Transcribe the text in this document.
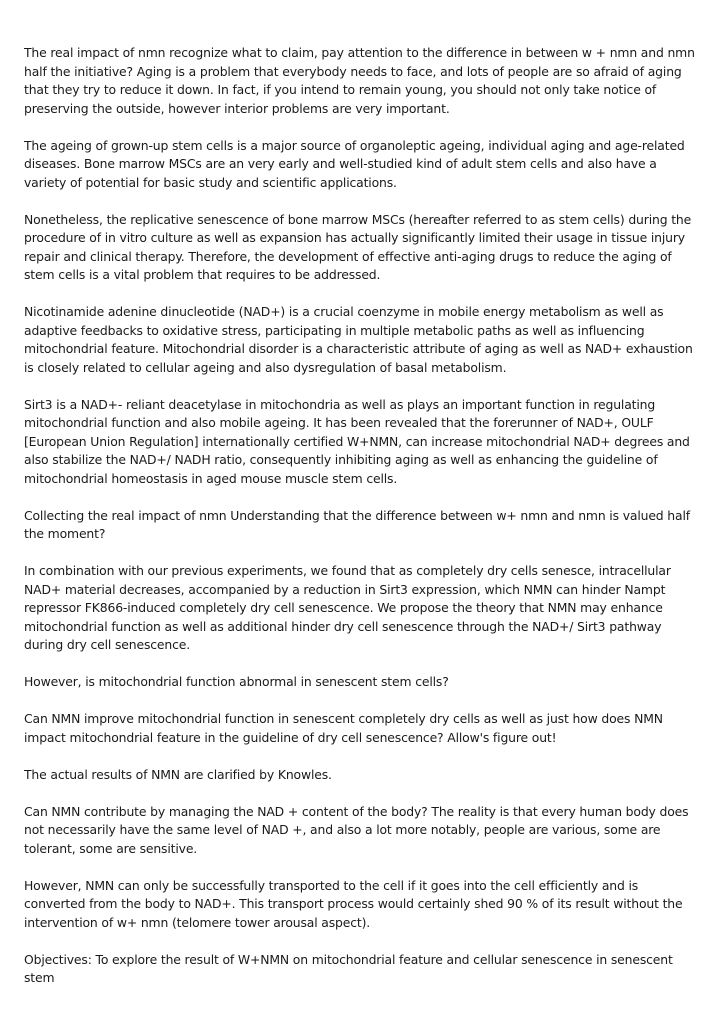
The real impact of nmn recognize what to claim, pay attention to the difference in between w + nmn and nmn half the initiative? Aging is a problem that everybody needs to face, and lots of people are so afraid of aging that they try to reduce it down. In fact, if you intend to remain young, you should not only take notice of preserving the outside, however interior problems are very important.

The ageing of grown-up stem cells is a major source of organoleptic ageing, individual aging and age-related diseases. Bone marrow MSCs are an very early and well-studied kind of adult stem cells and also have a variety of potential for basic study and scientific applications.

Nonetheless, the replicative senescence of bone marrow MSCs (hereafter referred to as stem cells) during the procedure of in vitro culture as well as expansion has actually significantly limited their usage in tissue injury repair and clinical therapy. Therefore, the development of effective anti-aging drugs to reduce the aging of stem cells is a vital problem that requires to be addressed.

Nicotinamide adenine dinucleotide (NAD+) is a crucial coenzyme in mobile energy metabolism as well as adaptive feedbacks to oxidative stress, participating in multiple metabolic paths as well as influencing mitochondrial feature. Mitochondrial disorder is a characteristic attribute of aging as well as NAD+ exhaustion is closely related to cellular ageing and also dysregulation of basal metabolism.

Sirt3 is a NAD+- reliant deacetylase in mitochondria as well as plays an important function in regulating mitochondrial function and also mobile ageing. It has been revealed that the forerunner of NAD+, OULF [European Union Regulation] internationally certified W+NMN, can increase mitochondrial NAD+ degrees and also stabilize the NAD+/ NADH ratio, consequently inhibiting aging as well as enhancing the guideline of mitochondrial homeostasis in aged mouse muscle stem cells.

Collecting the real impact of nmn Understanding that the difference between w+ nmn and nmn is valued half the moment?

In combination with our previous experiments, we found that as completely dry cells senesce, intracellular NAD+ material decreases, accompanied by a reduction in Sirt3 expression, which NMN can hinder Nampt repressor FK866-induced completely dry cell senescence. We propose the theory that NMN may enhance mitochondrial function as well as additional hinder dry cell senescence through the NAD+/ Sirt3 pathway during dry cell senescence.

However, is mitochondrial function abnormal in senescent stem cells?

Can NMN improve mitochondrial function in senescent completely dry cells as well as just how does NMN impact mitochondrial feature in the guideline of dry cell senescence? Allow's figure out!

The actual results of NMN are clarified by Knowles.

Can NMN contribute by managing the NAD + content of the body? The reality is that every human body does not necessarily have the same level of NAD +, and also a lot more notably, people are various, some are tolerant, some are sensitive.

However, NMN can only be successfully transported to the cell if it goes into the cell efficiently and is converted from the body to NAD+. This transport process would certainly shed 90 % of its result without the intervention of w+ nmn (telomere tower arousal aspect).

Objectives: To explore the result of W+NMN on mitochondrial feature and cellular senescence in senescent stem
